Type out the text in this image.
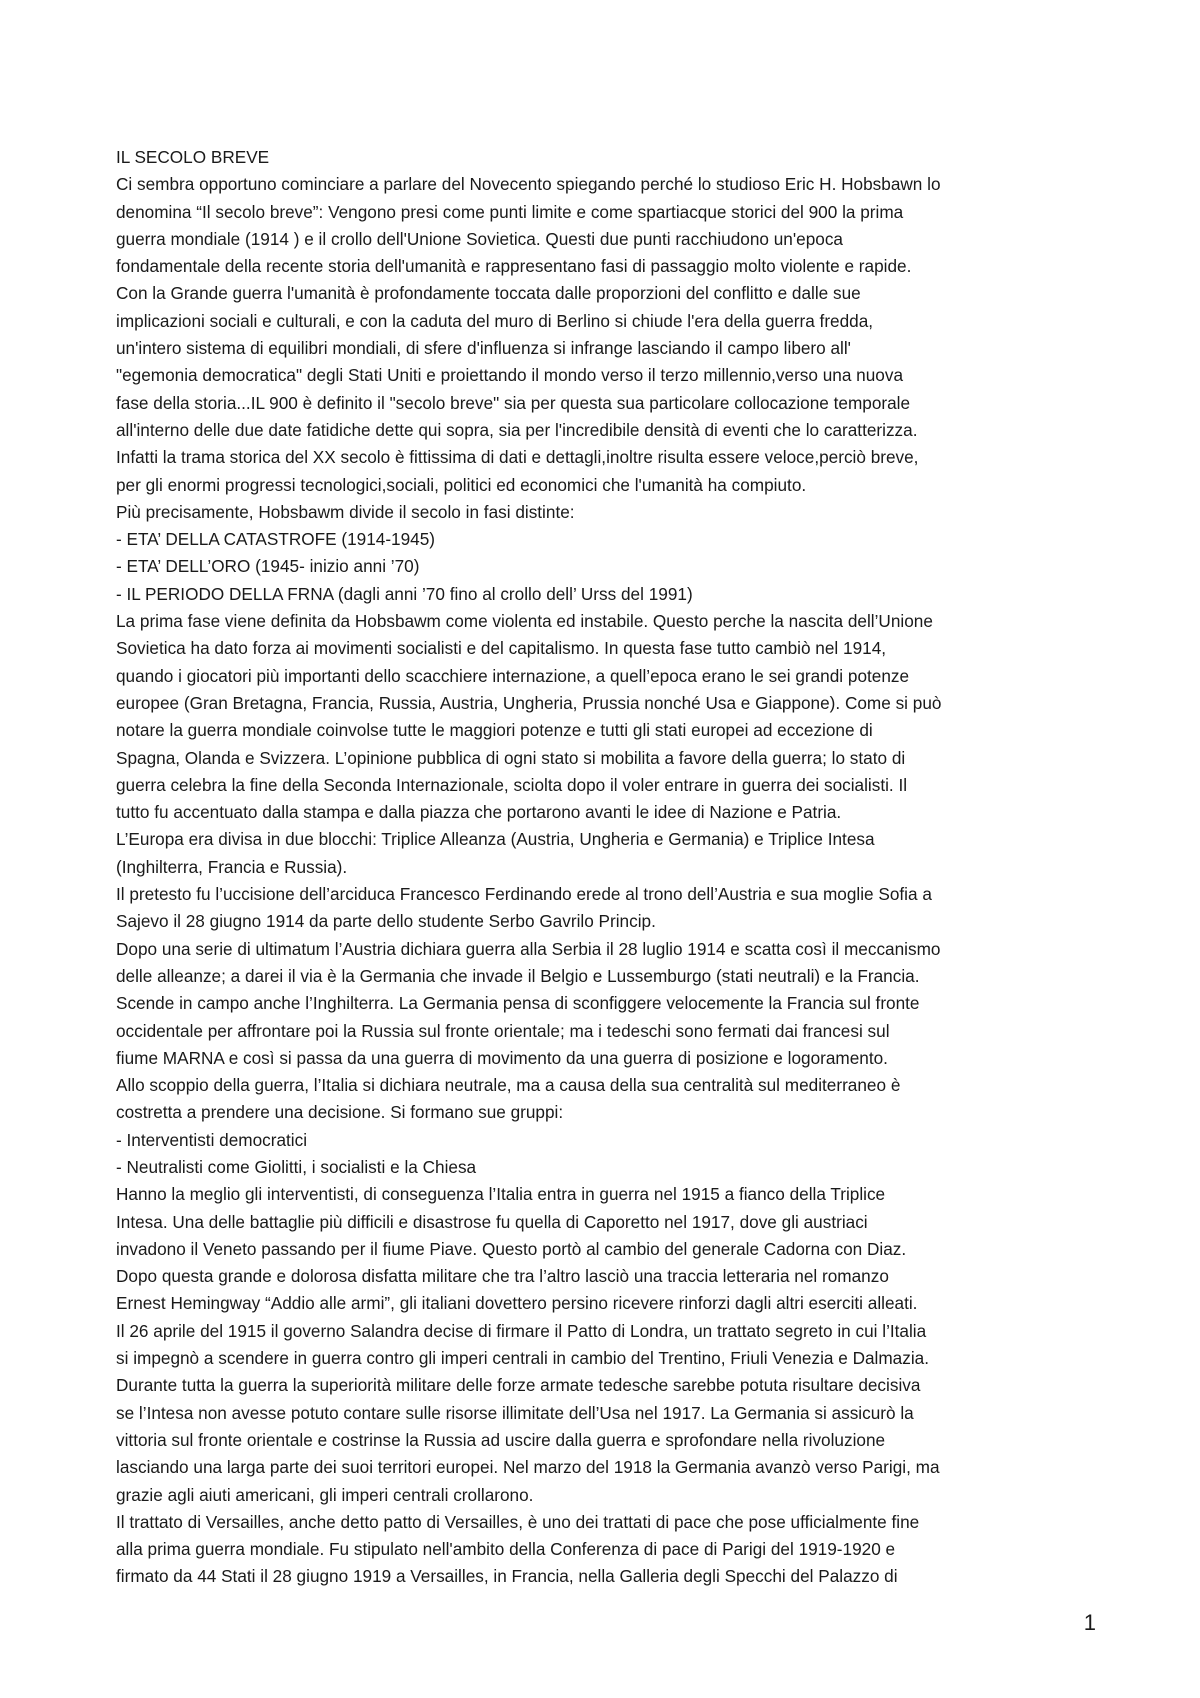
IL SECOLO BREVE
Ci sembra opportuno cominciare a parlare del Novecento spiegando perché lo studioso Eric H. Hobsbawn lo
denomina “Il secolo breve”: Vengono presi come punti limite e come spartiacque storici del 900 la prima
guerra mondiale (1914 ) e il crollo dell'Unione Sovietica. Questi due punti racchiudono un'epoca
fondamentale della recente storia dell'umanità e rappresentano fasi di passaggio molto violente e rapide.
Con la Grande guerra l'umanità è profondamente toccata dalle proporzioni del conflitto e dalle sue
implicazioni sociali e culturali, e con la caduta del muro di Berlino si chiude l'era della guerra fredda,
un'intero sistema di equilibri mondiali, di sfere d'influenza si infrange lasciando il campo libero all'
"egemonia democratica" degli Stati Uniti e proiettando il mondo verso il terzo millennio,verso una nuova
fase della storia...IL 900 è definito il "secolo breve" sia per questa sua particolare collocazione temporale
all'interno delle due date fatidiche dette qui sopra, sia per l'incredibile densità di eventi che lo caratterizza.
Infatti la trama storica del XX secolo è fittissima di dati e dettagli,inoltre risulta essere veloce,perciò breve,
per gli enormi progressi tecnologici,sociali, politici ed economici che l'umanità ha compiuto.
Più precisamente, Hobsbawm divide il secolo in fasi distinte:
- ETA’ DELLA CATASTROFE (1914-1945)
- ETA’ DELL’ORO (1945- inizio anni ’70)
- IL PERIODO DELLA FRNA (dagli anni ’70 fino al crollo dell’ Urss del 1991)
La prima fase viene definita da Hobsbawm come violenta ed instabile. Questo perche la nascita dell’Unione
Sovietica ha dato forza ai movimenti socialisti e del capitalismo. In questa fase tutto cambiò nel 1914,
quando i giocatori più importanti dello scacchiere internazione, a quell’epoca erano le sei grandi potenze
europee (Gran Bretagna, Francia, Russia, Austria, Ungheria, Prussia nonché Usa e Giappone). Come si può
notare la guerra mondiale coinvolse tutte le maggiori potenze e tutti gli stati europei ad eccezione di
Spagna, Olanda e Svizzera. L’opinione pubblica di ogni stato si mobilita a favore della guerra; lo stato di
guerra celebra la fine della Seconda Internazionale, sciolta dopo il voler entrare in guerra dei socialisti. Il
tutto fu accentuato dalla stampa e dalla piazza che portarono avanti le idee di Nazione e Patria.
L’Europa era divisa in due blocchi: Triplice Alleanza (Austria, Ungheria e Germania) e Triplice Intesa
(Inghilterra, Francia e Russia).
Il pretesto fu l’uccisione dell’arciduca Francesco Ferdinando erede al trono dell’Austria e sua moglie Sofia a
Sajevo il 28 giugno 1914 da parte dello studente Serbo Gavrilo Princip.
Dopo una serie di ultimatum l’Austria dichiara guerra alla Serbia il 28 luglio 1914 e scatta così il meccanismo
delle alleanze; a darei il via è la Germania che invade il Belgio e Lussemburgo (stati neutrali) e la Francia.
Scende in campo anche l’Inghilterra. La Germania pensa di sconfiggere velocemente la Francia sul fronte
occidentale per affrontare poi la Russia sul fronte orientale; ma i tedeschi sono fermati dai francesi sul
fiume MARNA e così si passa da una guerra di movimento da una guerra di posizione e logoramento.
Allo scoppio della guerra, l’Italia si dichiara neutrale, ma a causa della sua centralità sul mediterraneo è
costretta a prendere una decisione. Si formano sue gruppi:
- Interventisti democratici
- Neutralisti come Giolitti, i socialisti e la Chiesa
Hanno la meglio gli interventisti, di conseguenza l’Italia entra in guerra nel 1915 a fianco della Triplice
Intesa. Una delle battaglie più difficili e disastrose fu quella di Caporetto nel 1917, dove gli austriaci
invadono il Veneto passando per il fiume Piave. Questo portò al cambio del generale Cadorna con Diaz.
Dopo questa grande e dolorosa disfatta militare che tra l’altro lasciò una traccia letteraria nel romanzo
Ernest Hemingway “Addio alle armi”, gli italiani dovettero persino ricevere rinforzi dagli altri eserciti alleati.
Il 26 aprile del 1915 il governo Salandra decise di firmare il Patto di Londra, un trattato segreto in cui l’Italia
si impegnò a scendere in guerra contro gli imperi centrali in cambio del Trentino, Friuli Venezia e Dalmazia.
Durante tutta la guerra la superiorità militare delle forze armate tedesche sarebbe potuta risultare decisiva
se l’Intesa non avesse potuto contare sulle risorse illimitate dell’Usa nel 1917. La Germania si assicurò la
vittoria sul fronte orientale e costrinse la Russia ad uscire dalla guerra e sprofondare nella rivoluzione
lasciando una larga parte dei suoi territori europei. Nel marzo del 1918 la Germania avanzò verso Parigi, ma
grazie agli aiuti americani, gli imperi centrali crollarono.
Il trattato di Versailles, anche detto patto di Versailles, è uno dei trattati di pace che pose ufficialmente fine
alla prima guerra mondiale. Fu stipulato nell'ambito della Conferenza di pace di Parigi del 1919-1920 e
firmato da 44 Stati il 28 giugno 1919 a Versailles, in Francia, nella Galleria degli Specchi del Palazzo di
1
